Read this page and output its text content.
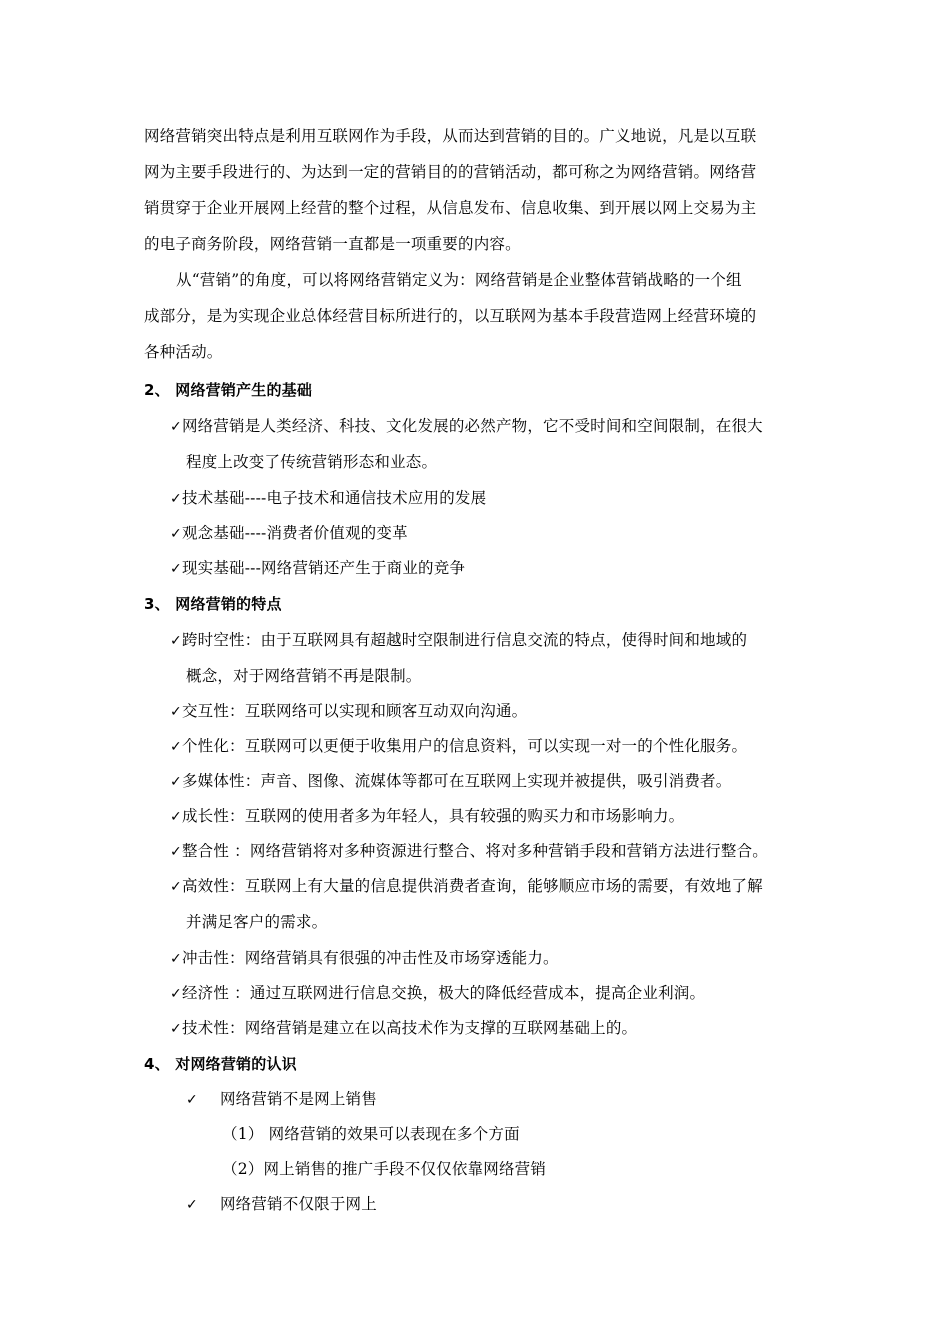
网络营销突出特点是利用互联网作为手段，从而达到营销的目的。广义地说，凡是以互联
网为主要手段进行的、为达到一定的营销目的的营销活动，都可称之为网络营销。网络营
销贯穿于企业开展网上经营的整个过程，从信息发布、信息收集、到开展以网上交易为主
的电子商务阶段，网络营销一直都是一项重要的内容。
从“营销”的角度，可以将网络营销定义为：网络营销是企业整体营销战略的一个组
成部分，是为实现企业总体经营目标所进行的，以互联网为基本手段营造网上经营环境的
各种活动。
2、 网络营销产生的基础
✓网络营销是人类经济、科技、文化发展的必然产物，它不受时间和空间限制，在很大
程度上改变了传统营销形态和业态。
✓技术基础----电子技术和通信技术应用的发展
✓观念基础----消费者价值观的变革
✓现实基础---网络营销还产生于商业的竞争
3、 网络营销的特点
✓跨时空性：由于互联网具有超越时空限制进行信息交流的特点，使得时间和地域的
概念，对于网络营销不再是限制。
✓交互性：互联网络可以实现和顾客互动双向沟通。
✓个性化：互联网可以更便于收集用户的信息资料，可以实现一对一的个性化服务。
✓多媒体性：声音、图像、流媒体等都可在互联网上实现并被提供，吸引消费者。
✓成长性：互联网的使用者多为年轻人，具有较强的购买力和市场影响力。
✓整合性 ：网络营销将对多种资源进行整合、将对多种营销手段和营销方法进行整合。
✓高效性：互联网上有大量的信息提供消费者查询，能够顺应市场的需要，有效地了解
并满足客户的需求。
✓冲击性：网络营销具有很强的冲击性及市场穿透能力。
✓经济性 ：通过互联网进行信息交换，极大的降低经营成本，提高企业利润。
✓技术性：网络营销是建立在以高技术作为支撑的互联网基础上的。
4、 对网络营销的认识
✓ 网络营销不是网上销售
（1） 网络营销的效果可以表现在多个方面
（2）网上销售的推广手段不仅仅依靠网络营销
✓ 网络营销不仅限于网上
